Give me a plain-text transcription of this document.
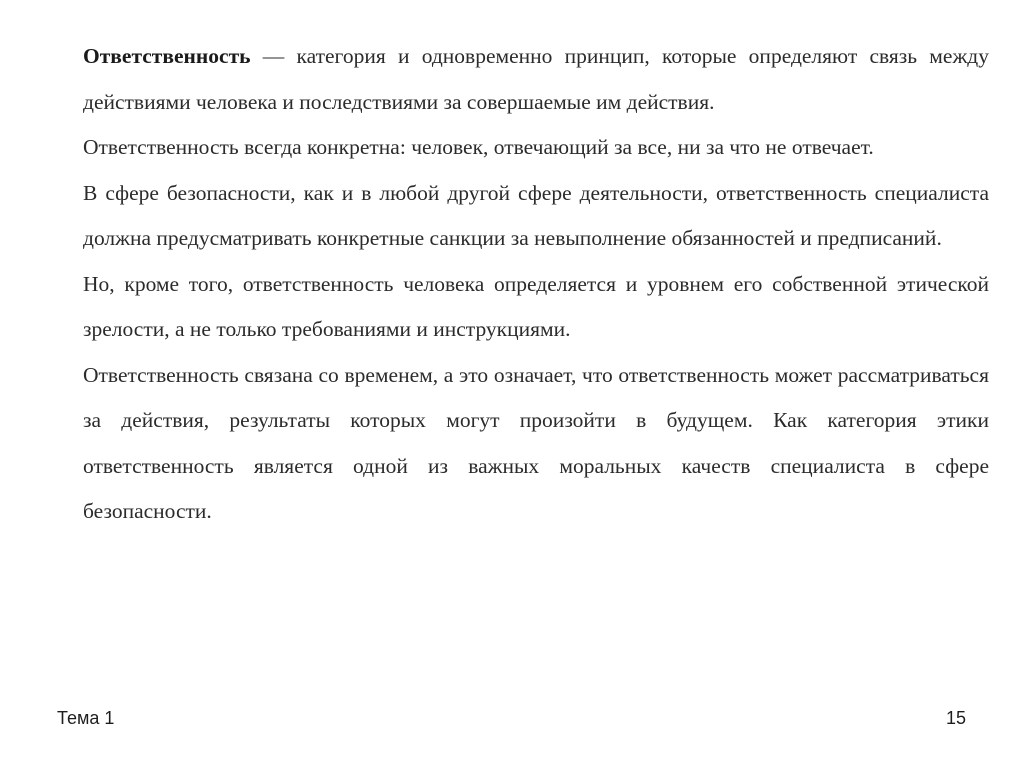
Ответственность — категория и одновременно принцип, которые определяют связь между действиями человека и последствиями за совершаемые им действия.

Ответственность всегда конкретна: человек, отвечающий за все, ни за что не отвечает.

В сфере безопасности, как и в любой другой сфере деятельности, ответственность специалиста должна предусматривать конкретные санкции за невыполнение обязанностей и предписаний.

Но, кроме того, ответственность человека определяется и уровнем его собственной этической зрелости, а не только требованиями и инструкциями.

Ответственность связана со временем, а это означает, что ответственность может рассматриваться за действия, результаты которых могут произойти в будущем. Как категория этики ответственность является одной из важных моральных качеств специалиста в сфере безопасности.

Тема 1	15
